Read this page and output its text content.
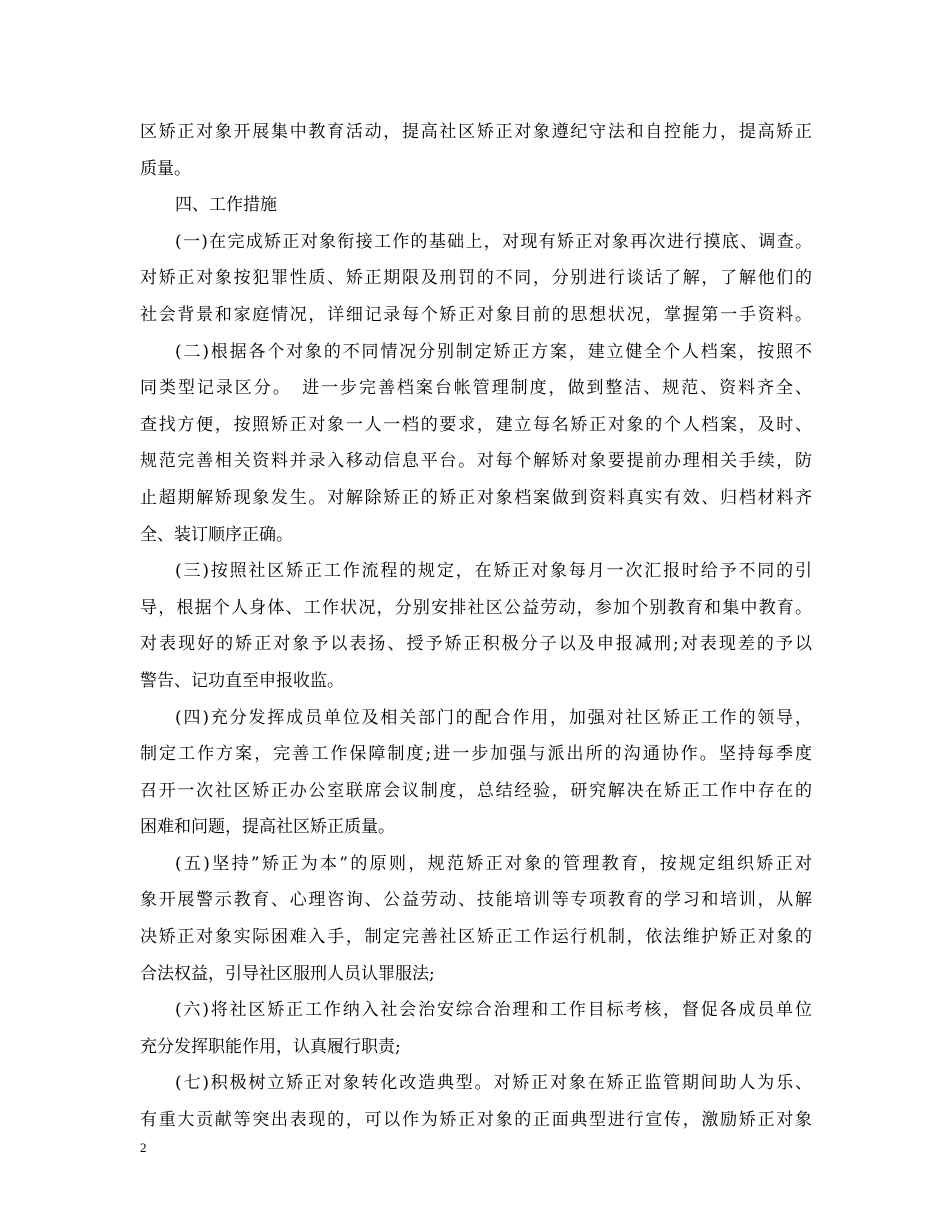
区矫正对象开展集中教育活动，提高社区矫正对象遵纪守法和自控能力，提高矫正
质量。
四、工作措施
(一)在完成矫正对象衔接工作的基础上，对现有矫正对象再次进行摸底、调查。
对矫正对象按犯罪性质、矫正期限及刑罚的不同，分别进行谈话了解，了解他们的
社会背景和家庭情况，详细记录每个矫正对象目前的思想状况，掌握第一手资料。
(二)根据各个对象的不同情况分别制定矫正方案，建立健全个人档案，按照不
同类型记录区分。　进一步完善档案台帐管理制度，做到整洁、规范、资料齐全、
查找方便，按照矫正对象一人一档的要求，建立每名矫正对象的个人档案，及时、
规范完善相关资料并录入移动信息平台。对每个解矫对象要提前办理相关手续，防
止超期解矫现象发生。对解除矫正的矫正对象档案做到资料真实有效、归档材料齐
全、装订顺序正确。
(三)按照社区矫正工作流程的规定，在矫正对象每月一次汇报时给予不同的引
导，根据个人身体、工作状况，分别安排社区公益劳动，参加个别教育和集中教育。
对表现好的矫正对象予以表扬、授予矫正积极分子以及申报减刑;对表现差的予以
警告、记功直至申报收监。
(四)充分发挥成员单位及相关部门的配合作用，加强对社区矫正工作的领导，
制定工作方案，完善工作保障制度;进一步加强与派出所的沟通协作。坚持每季度
召开一次社区矫正办公室联席会议制度，总结经验，研究解决在矫正工作中存在的
困难和问题，提高社区矫正质量。
(五)坚持”矫正为本”的原则，规范矫正对象的管理教育，按规定组织矫正对
象开展警示教育、心理咨询、公益劳动、技能培训等专项教育的学习和培训，从解
决矫正对象实际困难入手，制定完善社区矫正工作运行机制，依法维护矫正对象的
合法权益，引导社区服刑人员认罪服法;
(六)将社区矫正工作纳入社会治安综合治理和工作目标考核，督促各成员单位
充分发挥职能作用，认真履行职责;
(七)积极树立矫正对象转化改造典型。对矫正对象在矫正监管期间助人为乐、
有重大贡献等突出表现的，可以作为矫正对象的正面典型进行宣传，激励矫正对象
2
